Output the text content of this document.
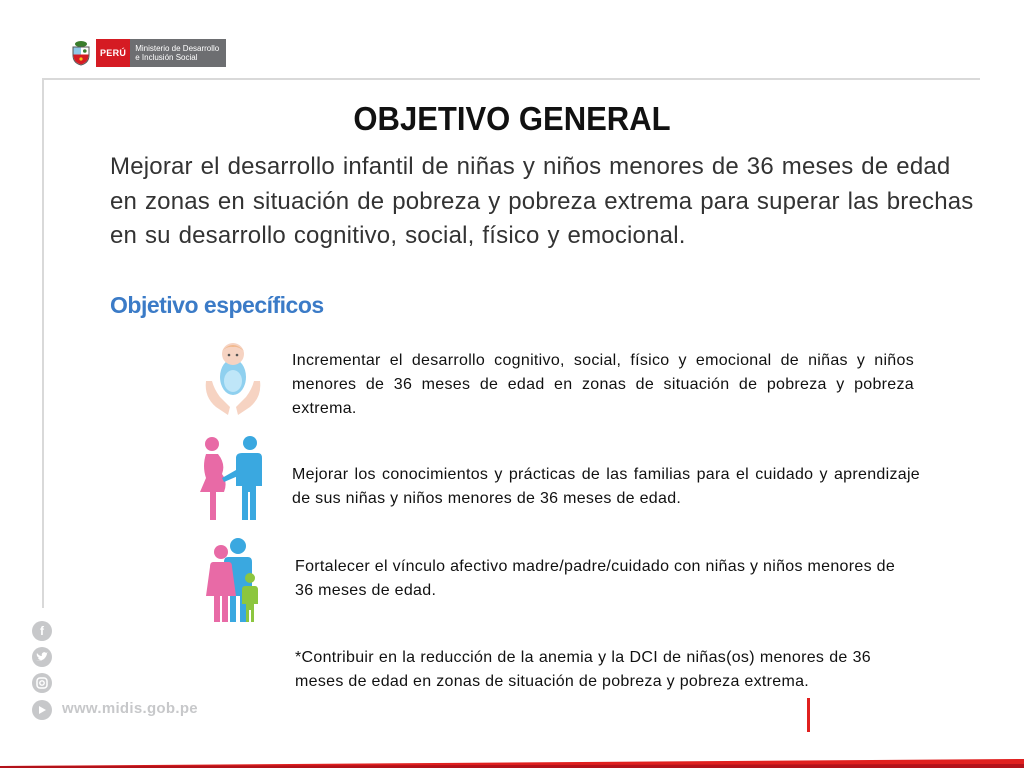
PERÚ	Ministerio de Desarrollo
e Inclusión Social
OBJETIVO GENERAL
Mejorar el desarrollo infantil de niñas y niños menores de 36 meses de edad en zonas en situación de pobreza y pobreza extrema para superar las brechas en su desarrollo cognitivo, social, físico y emocional.
Objetivo específicos
Incrementar el desarrollo cognitivo, social, físico y emocional de niñas y niños menores de 36 meses de edad en zonas de situación de pobreza y pobreza extrema.
Mejorar los conocimientos y prácticas de las familias para el cuidado y aprendizaje de sus niñas y niños menores de 36 meses de edad.
Fortalecer el vínculo afectivo madre/padre/cuidado con niñas y niños menores de 36 meses de edad.
*Contribuir en la reducción de la anemia y la DCI de niñas(os) menores de 36 meses de edad en zonas de situación de pobreza y pobreza extrema.
f
www.midis.gob.pe
